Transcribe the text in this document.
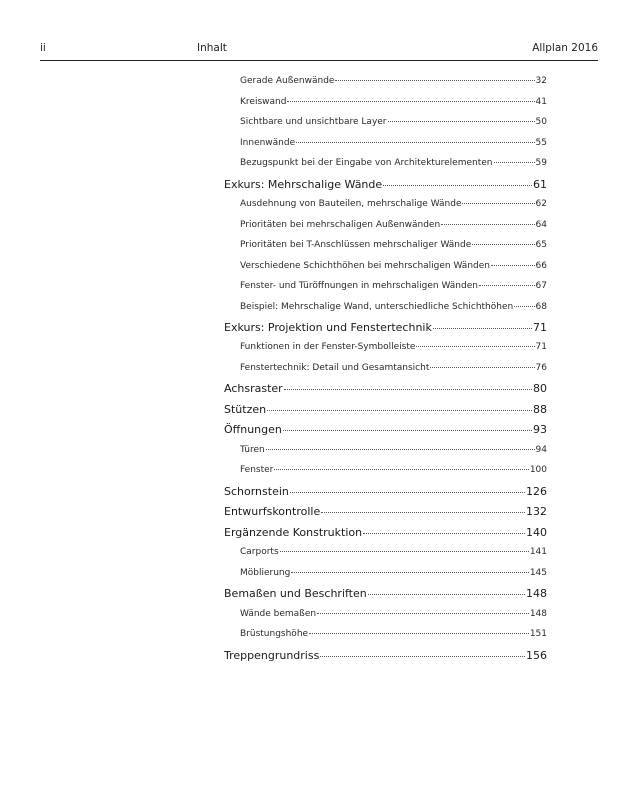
ii	Inhalt	Allplan 2016
Gerade Außenwände	32
Kreiswand	41
Sichtbare und unsichtbare Layer	50
Innenwände	55
Bezugspunkt bei der Eingabe von Architekturelementen	59
Exkurs: Mehrschalige Wände	61
Ausdehnung von Bauteilen, mehrschalige Wände	62
Prioritäten bei mehrschaligen Außenwänden	64
Prioritäten bei T-Anschlüssen mehrschaliger Wände	65
Verschiedene Schichthöhen bei mehrschaligen Wänden	66
Fenster- und Türöffnungen in mehrschaligen Wänden	67
Beispiel: Mehrschalige Wand, unterschiedliche Schichthöhen 68
Exkurs: Projektion und Fenstertechnik	71
Funktionen in der Fenster-Symbolleiste	71
Fenstertechnik: Detail und Gesamtansicht	76
Achsraster	80
Stützen	88
Öffnungen	93
Türen	94
Fenster	100
Schornstein	126
Entwurfskontrolle	132
Ergänzende Konstruktion	140
Carports	141
Möblierung	145
Bemaßen und Beschriften	148
Wände bemaßen	148
Brüstungshöhe	151
Treppengrundriss	156
